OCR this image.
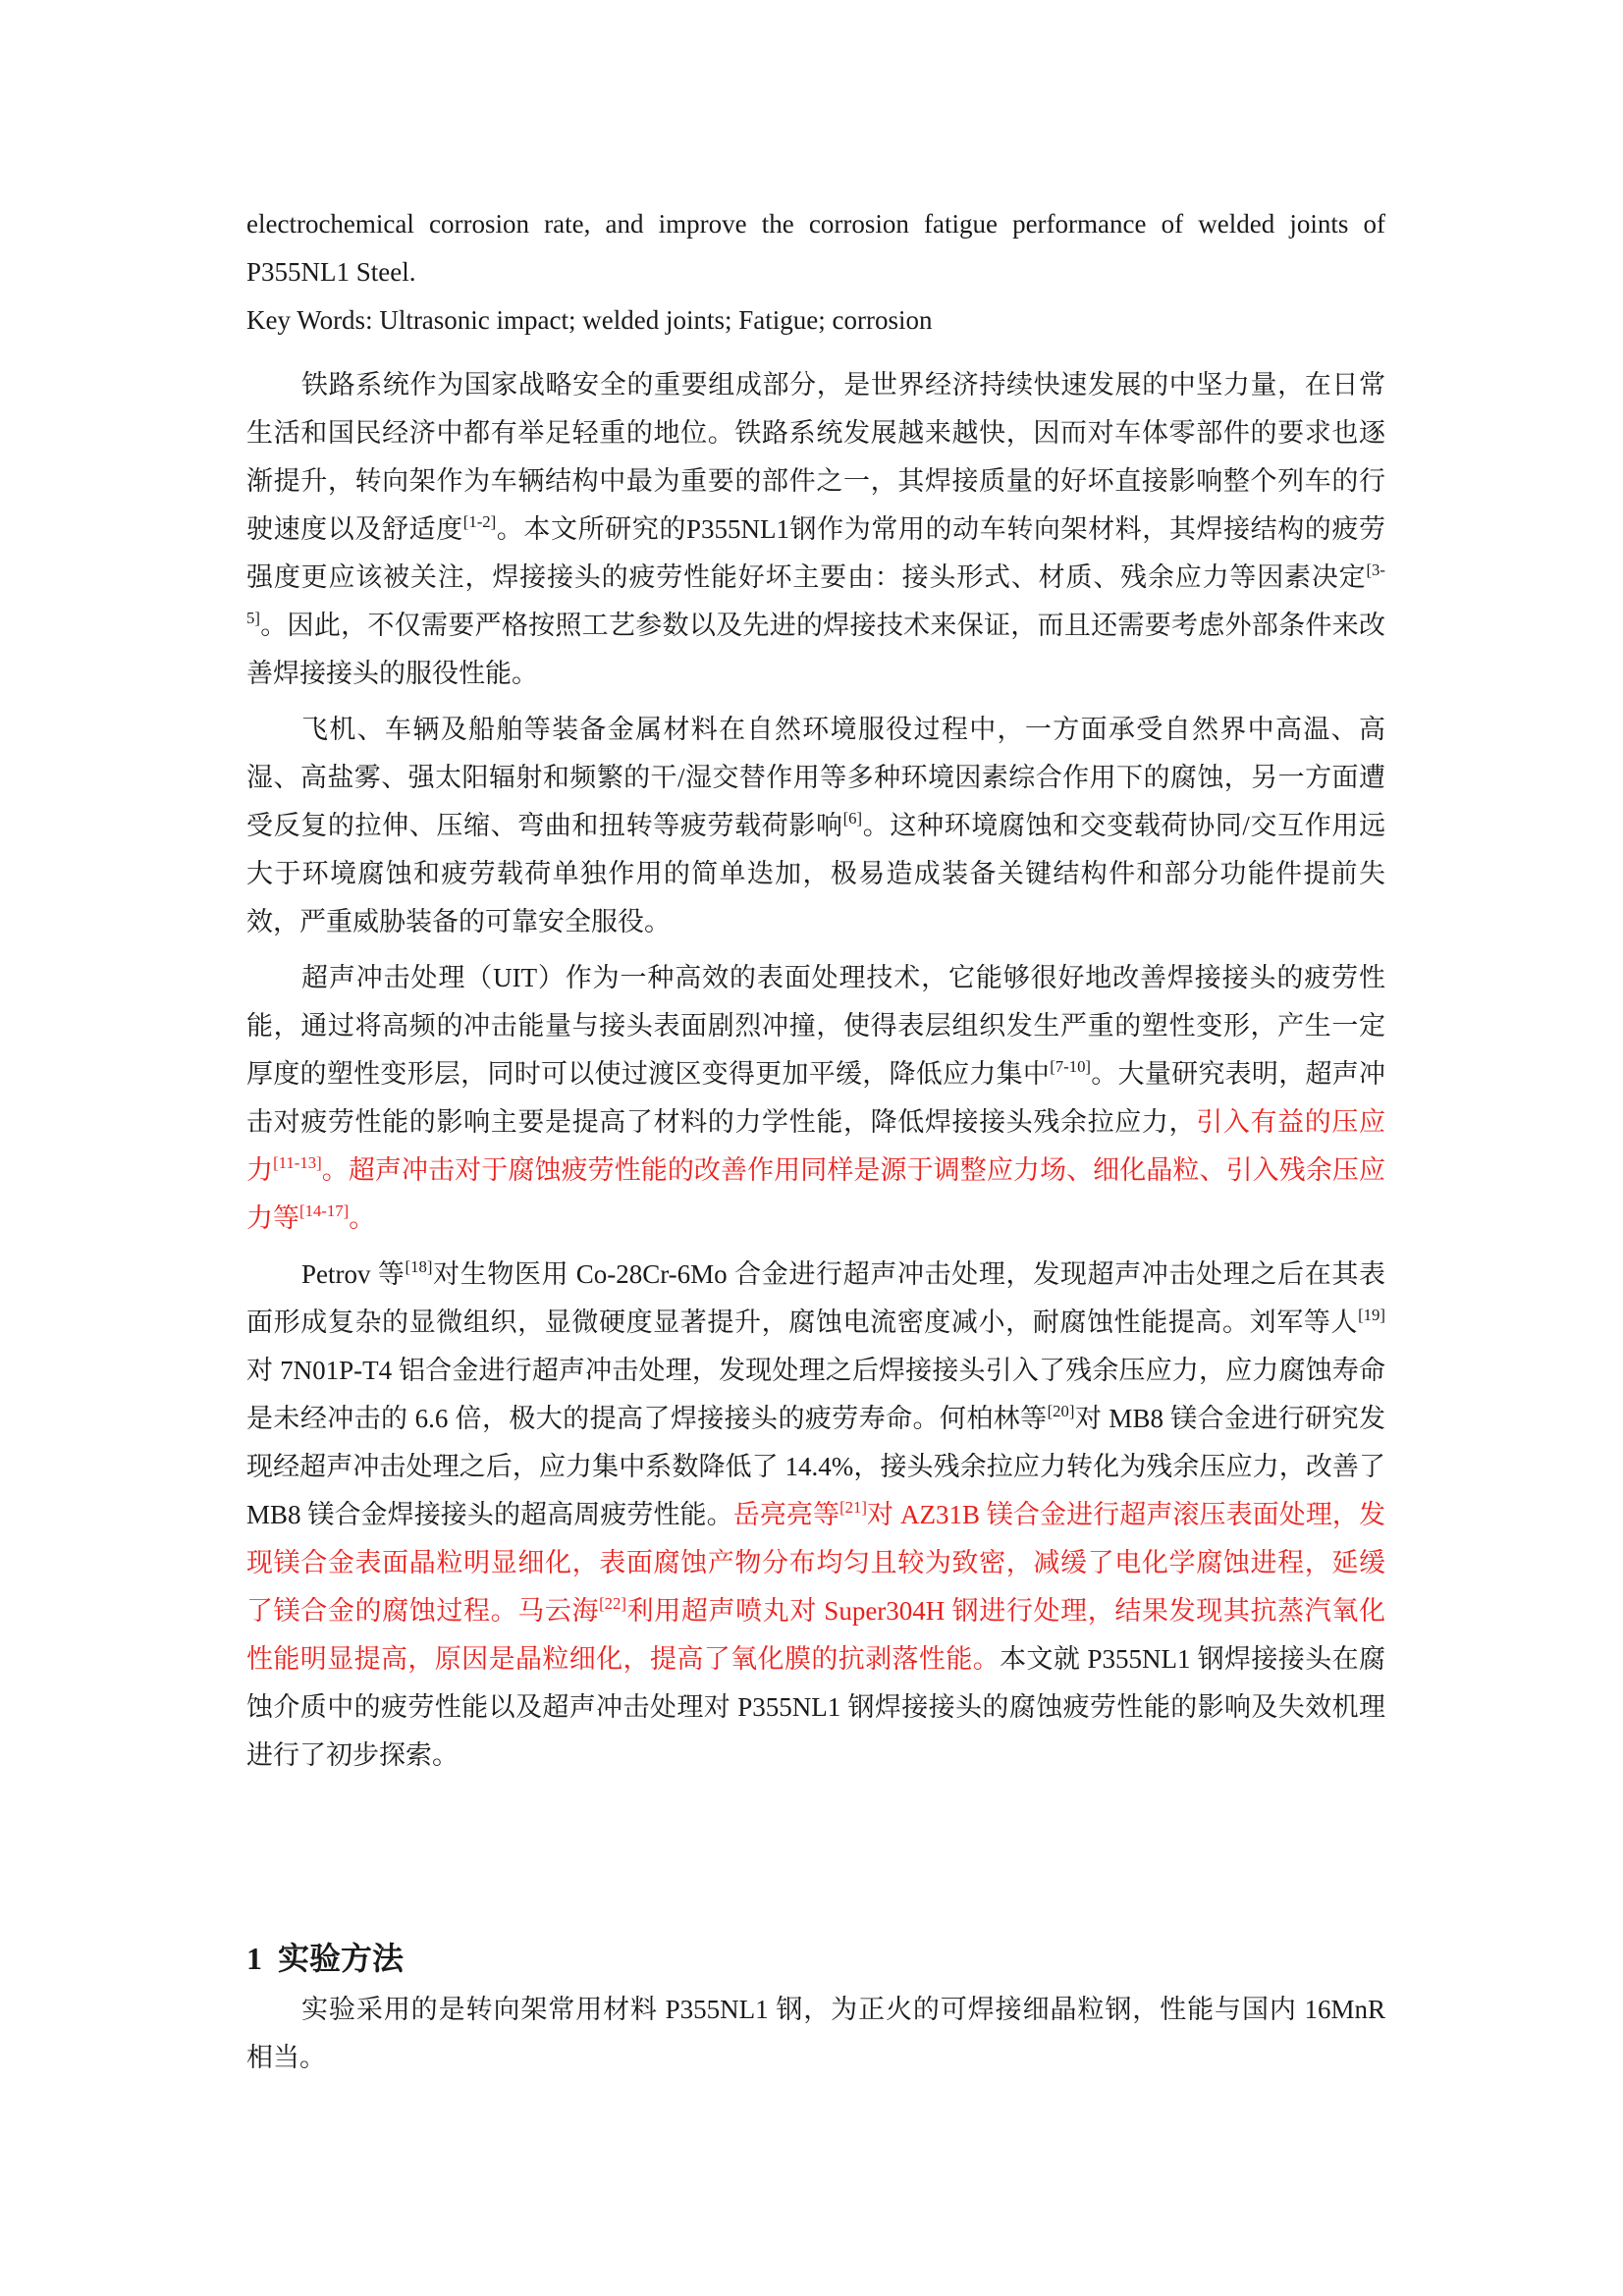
electrochemical corrosion rate, and improve the corrosion fatigue performance of welded joints of P355NL1 Steel.

Key Words: Ultrasonic impact; welded joints; Fatigue; corrosion

铁路系统作为国家战略安全的重要组成部分，是世界经济持续快速发展的中坚力量，在日常生活和国民经济中都有举足轻重的地位。铁路系统发展越来越快，因而对车体零部件的要求也逐渐提升，转向架作为车辆结构中最为重要的部件之一，其焊接质量的好坏直接影响整个列车的行驶速度以及舒适度[1-2]。本文所研究的P355NL1钢作为常用的动车转向架材料，其焊接结构的疲劳强度更应该被关注，焊接接头的疲劳性能好坏主要由：接头形式、材质、残余应力等因素决定[3-5]。因此，不仅需要严格按照工艺参数以及先进的焊接技术来保证，而且还需要考虑外部条件来改善焊接接头的服役性能。

飞机、车辆及船舶等装备金属材料在自然环境服役过程中，一方面承受自然界中高温、高湿、高盐雾、强太阳辐射和频繁的干/湿交替作用等多种环境因素综合作用下的腐蚀，另一方面遭受反复的拉伸、压缩、弯曲和扭转等疲劳载荷影响[6]。这种环境腐蚀和交变载荷协同/交互作用远大于环境腐蚀和疲劳载荷单独作用的简单迭加，极易造成装备关键结构件和部分功能件提前失效，严重威胁装备的可靠安全服役。

超声冲击处理（UIT）作为一种高效的表面处理技术，它能够很好地改善焊接接头的疲劳性能，通过将高频的冲击能量与接头表面剧烈冲撞，使得表层组织发生严重的塑性变形，产生一定厚度的塑性变形层，同时可以使过渡区变得更加平缓，降低应力集中[7-10]。大量研究表明，超声冲击对疲劳性能的影响主要是提高了材料的力学性能，降低焊接接头残余拉应力，引入有益的压应力[11-13]。超声冲击对于腐蚀疲劳性能的改善作用同样是源于调整应力场、细化晶粒、引入残余压应力等[14-17]。

Petrov 等[18]对生物医用 Co-28Cr-6Mo 合金进行超声冲击处理，发现超声冲击处理之后在其表面形成复杂的显微组织，显微硬度显著提升，腐蚀电流密度减小，耐腐蚀性能提高。刘军等人[19]对 7N01P-T4 铝合金进行超声冲击处理，发现处理之后焊接接头引入了残余压应力，应力腐蚀寿命是未经冲击的 6.6 倍，极大的提高了焊接接头的疲劳寿命。何柏林等[20]对 MB8 镁合金进行研究发现经超声冲击处理之后，应力集中系数降低了 14.4%，接头残余拉应力转化为残余压应力，改善了 MB8 镁合金焊接接头的超高周疲劳性能。岳亮亮等[21]对 AZ31B 镁合金进行超声滚压表面处理，发现镁合金表面晶粒明显细化，表面腐蚀产物分布均匀且较为致密，减缓了电化学腐蚀进程，延缓了镁合金的腐蚀过程。马云海[22]利用超声喷丸对 Super304H 钢进行处理，结果发现其抗蒸汽氧化性能明显提高，原因是晶粒细化，提高了氧化膜的抗剥落性能。本文就 P355NL1 钢焊接接头在腐蚀介质中的疲劳性能以及超声冲击处理对 P355NL1 钢焊接接头的腐蚀疲劳性能的影响及失效机理进行了初步探索。

1 实验方法

实验采用的是转向架常用材料 P355NL1 钢，为正火的可焊接细晶粒钢，性能与国内 16MnR 相当。
